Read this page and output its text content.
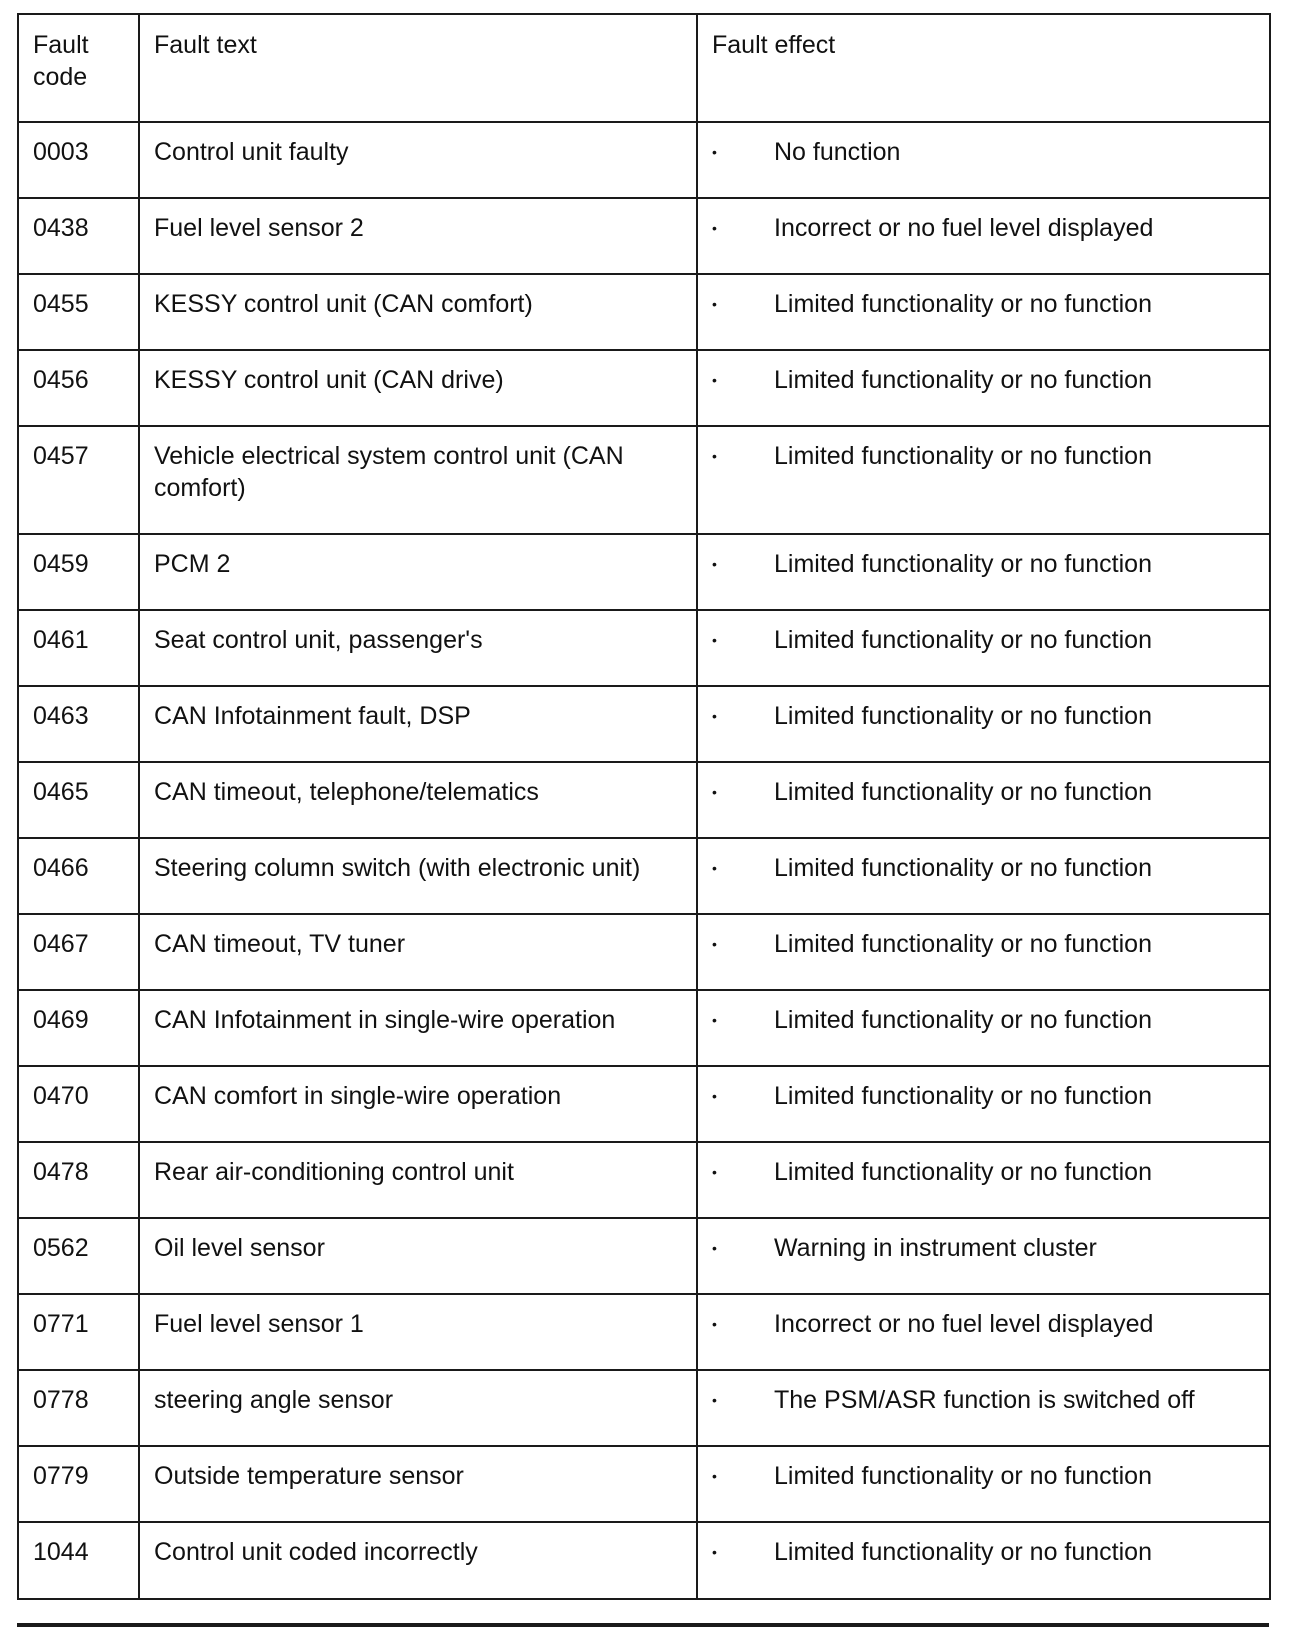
Fault code	Fault text	Fault effect
0003	Control unit faulty	• No function
0438	Fuel level sensor 2	• Incorrect or no fuel level displayed
0455	KESSY control unit (CAN comfort)	• Limited functionality or no function
0456	KESSY control unit (CAN drive)	• Limited functionality or no function
0457	Vehicle electrical system control unit (CAN comfort)	• Limited functionality or no function
0459	PCM 2	• Limited functionality or no function
0461	Seat control unit, passenger's	• Limited functionality or no function
0463	CAN Infotainment fault, DSP	• Limited functionality or no function
0465	CAN timeout, telephone/telematics	• Limited functionality or no function
0466	Steering column switch (with electronic unit)	• Limited functionality or no function
0467	CAN timeout, TV tuner	• Limited functionality or no function
0469	CAN Infotainment in single-wire operation	• Limited functionality or no function
0470	CAN comfort in single-wire operation	• Limited functionality or no function
0478	Rear air-conditioning control unit	• Limited functionality or no function
0562	Oil level sensor	• Warning in instrument cluster
0771	Fuel level sensor 1	• Incorrect or no fuel level displayed
0778	steering angle sensor	• The PSM/ASR function is switched off
0779	Outside temperature sensor	• Limited functionality or no function
1044	Control unit coded incorrectly	• Limited functionality or no function
